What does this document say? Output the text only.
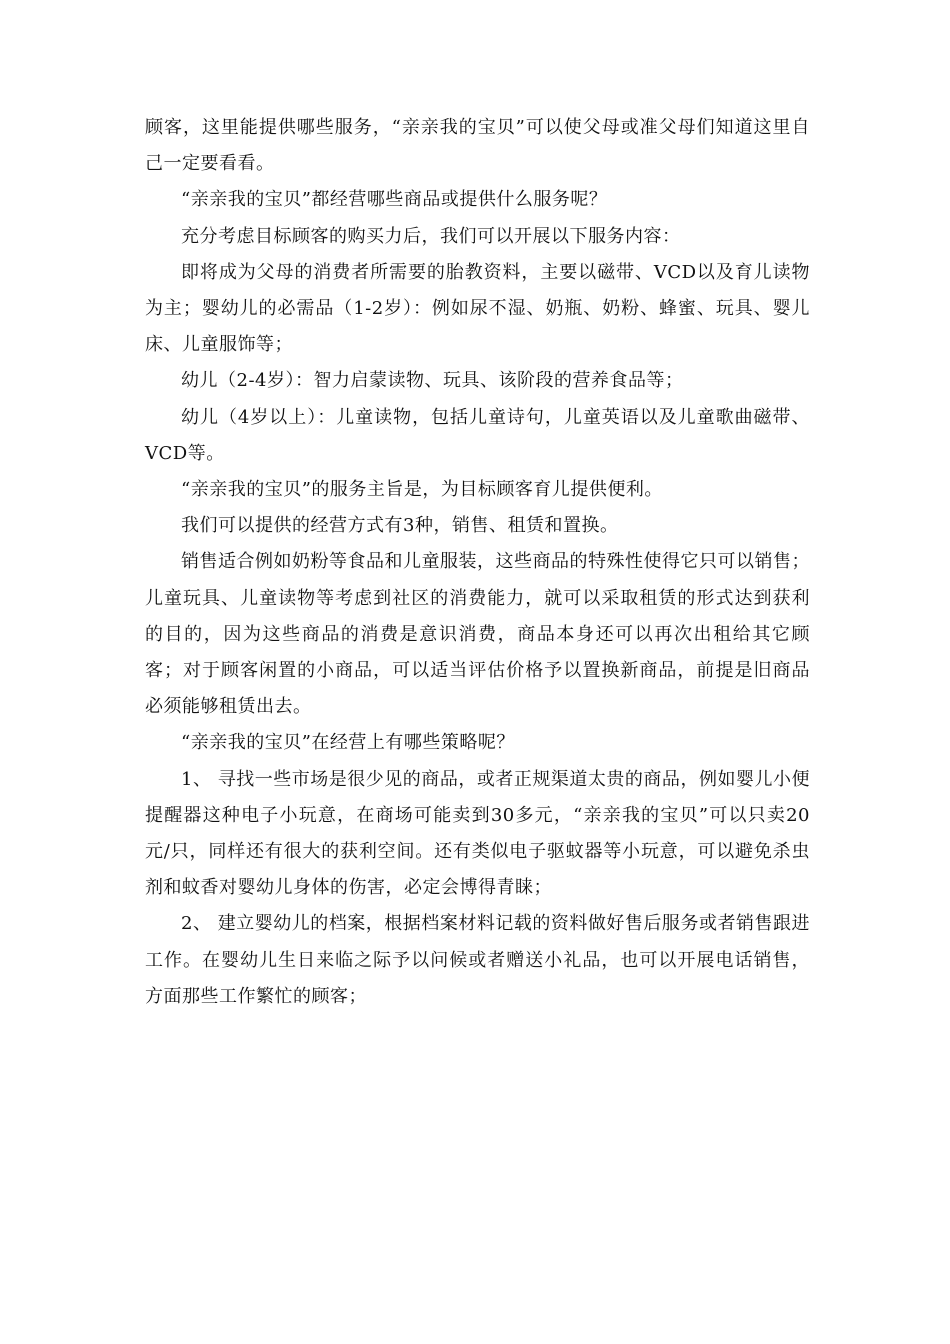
顾客，这里能提供哪些服务，“亲亲我的宝贝”可以使父母或准父母们知道这里自己一定要看看。

“亲亲我的宝贝”都经营哪些商品或提供什么服务呢？

充分考虑目标顾客的购买力后，我们可以开展以下服务内容：

即将成为父母的消费者所需要的胎教资料，主要以磁带、VCD以及育儿读物为主；婴幼儿的必需品（1-2岁）：例如尿不湿、奶瓶、奶粉、蜂蜜、玩具、婴儿床、儿童服饰等；

幼儿（2-4岁）：智力启蒙读物、玩具、该阶段的营养食品等；

幼儿（4岁以上）：儿童读物，包括儿童诗句，儿童英语以及儿童歌曲磁带、VCD等。

“亲亲我的宝贝”的服务主旨是，为目标顾客育儿提供便利。

我们可以提供的经营方式有3种，销售、租赁和置换。

销售适合例如奶粉等食品和儿童服装，这些商品的特殊性使得它只可以销售；儿童玩具、儿童读物等考虑到社区的消费能力，就可以采取租赁的形式达到获利的目的，因为这些商品的消费是意识消费，商品本身还可以再次出租给其它顾客；对于顾客闲置的小商品，可以适当评估价格予以置换新商品，前提是旧商品必须能够租赁出去。

“亲亲我的宝贝”在经营上有哪些策略呢？

1、 寻找一些市场是很少见的商品，或者正规渠道太贵的商品，例如婴儿小便提醒器这种电子小玩意，在商场可能卖到30多元，“亲亲我的宝贝”可以只卖20元/只，同样还有很大的获利空间。还有类似电子驱蚊器等小玩意，可以避免杀虫剂和蚊香对婴幼儿身体的伤害，必定会博得青睐；

2、 建立婴幼儿的档案，根据档案材料记载的资料做好售后服务或者销售跟进工作。在婴幼儿生日来临之际予以问候或者赠送小礼品，也可以开展电话销售，方面那些工作繁忙的顾客；
